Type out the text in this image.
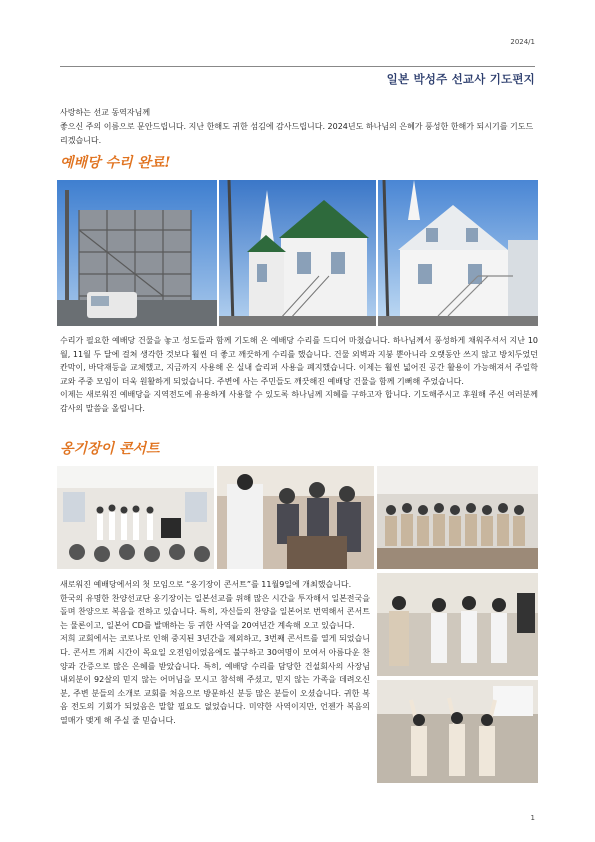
2024/1
일본 박성주 선교사 기도편지
사랑하는 선교 동역자님께
좋으신 주의 이름으로 문안드립니다. 지난 한해도 귀한 섬김에 감사드립니다. 2024년도 하나님의 은혜가 풍성한 한해가 되시기를 기도드리겠습니다.
예배당 수리 완료!

수리가 필요한 예배당 건물을 놓고 성도들과 함께 기도해 온 예배당 수리를 드디어 마쳤습니다. 하나님께서 풍성하게 채워주셔서 지난 10월, 11월 두 달에 걸쳐 생각한 것보다 훨씬 더 좋고 깨끗하게 수리를 했습니다. 건물 외벽과 지붕 뿐아니라 오랫동안 쓰지 않고 방치두었던 칸막이, 바닥재등을 교체했고, 지금까지 사용해 온 실내 슬리퍼 사용을 폐지했습니다. 이제는 훨씬 넓어진 공간 활용이 가능해져서 주일학교와 주중 모임이 더욱 원활하게 되었습니다. 주변에 사는 주민들도 깨끗해진 예배당 건물을 함께 기뻐해 주었습니다.

이제는 새로워진 예배당을 지역전도에 유용하게 사용할 수 있도록 하나님께 지혜를 구하고자 합니다. 기도해주시고 후원해 주신 여러분께 감사의 말씀을 올립니다.

옹기장이 콘서트

새로워진 예배당에서의 첫 모임으로 “옹기장이 콘서트”를 11월9일에 개최했습니다.

한국의 유명한 찬양선교단 옹기장이는 일본선교를 위해 많은 시간을 투자해서 일본전국을 돌며 찬양으로 복음을 전하고 있습니다. 특히, 자신들의 찬양을 일본어로 번역해서 콘서트는 물론이고, 일본어 CD를 발매하는 등 귀한 사역을 20여년간 계속해 오고 있습니다.

저희 교회에서는 코로나로 인해 중지된 3년간을 제외하고, 3번째 콘서트를 열게 되었습니다. 콘서트 개최 시간이 목요일 오전임이었음에도 불구하고 30여명이 모여서 아름다운 찬양과 간증으로 많은 은혜를 받았습니다. 특히, 예배당 수리를 담당한 건설회사의 사장님 내외분이 92살의 믿지 않는 어머님을 모시고 참석해 주셨고, 믿지 않는 가족을 데려오신 분, 주변 분들의 소개로 교회를 처음으로 방문하신 분등 많은 분들이 오셨습니다. 귀한 복음 전도의 기회가 되었음은 말할 필요도 없었습니다. 미약한 사역이지만, 언젠가 복음의 열매가 맺게 해 주실 줄 믿습니다.

1
